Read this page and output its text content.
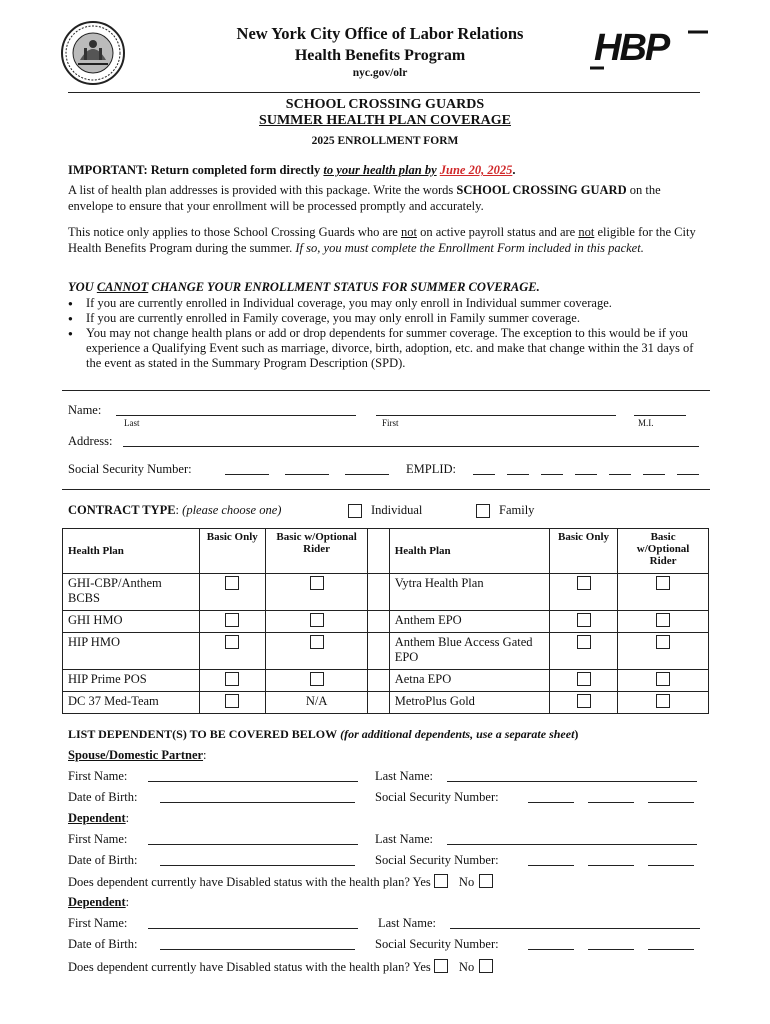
New York City Office of Labor Relations
Health Benefits Program
nyc.gov/olr
HBP
SCHOOL CROSSING GUARDS
SUMMER HEALTH PLAN COVERAGE
2025 ENROLLMENT FORM
IMPORTANT: Return completed form directly to your health plan by June 20, 2025.
A list of health plan addresses is provided with this package. Write the words SCHOOL CROSSING GUARD on the envelope to ensure that your enrollment will be processed promptly and accurately.
This notice only applies to those School Crossing Guards who are not on active payroll status and are not eligible for the City Health Benefits Program during the summer. If so, you must complete the Enrollment Form included in this packet.
YOU CANNOT CHANGE YOUR ENROLLMENT STATUS FOR SUMMER COVERAGE.
● If you are currently enrolled in Individual coverage, you may only enroll in Individual summer coverage.
● If you are currently enrolled in Family coverage, you may only enroll in Family summer coverage.
● You may not change health plans or add or drop dependents for summer coverage. The exception to this would be if you experience a Qualifying Event such as marriage, divorce, birth, adoption, etc. and make that change within the 31 days of the event as stated in the Summary Program Description (SPD).
Name:
Last	First	M.I.
Address:
Social Security Number:	EMPLID:
CONTRACT TYPE: (please choose one)	Individual	Family
Health Plan	Basic Only	Basic w/Optional Rider		Health Plan	Basic Only	Basic w/Optional Rider
GHI-CBP/Anthem BCBS				Vytra Health Plan		
GHI HMO				Anthem EPO		
HIP HMO				Anthem Blue Access Gated EPO		
HIP Prime POS				Aetna EPO		
DC 37 Med-Team		N/A		MetroPlus Gold		
LIST DEPENDENT(S) TO BE COVERED BELOW (for additional dependents, use a separate sheet)
Spouse/Domestic Partner:
First Name:	Last Name:
Date of Birth:	Social Security Number:
Dependent:
First Name:	Last Name:
Date of Birth:	Social Security Number:
Does dependent currently have Disabled status with the health plan? Yes No
Dependent:
First Name:	Last Name:
Date of Birth:	Social Security Number:
Does dependent currently have Disabled status with the health plan? Yes No
